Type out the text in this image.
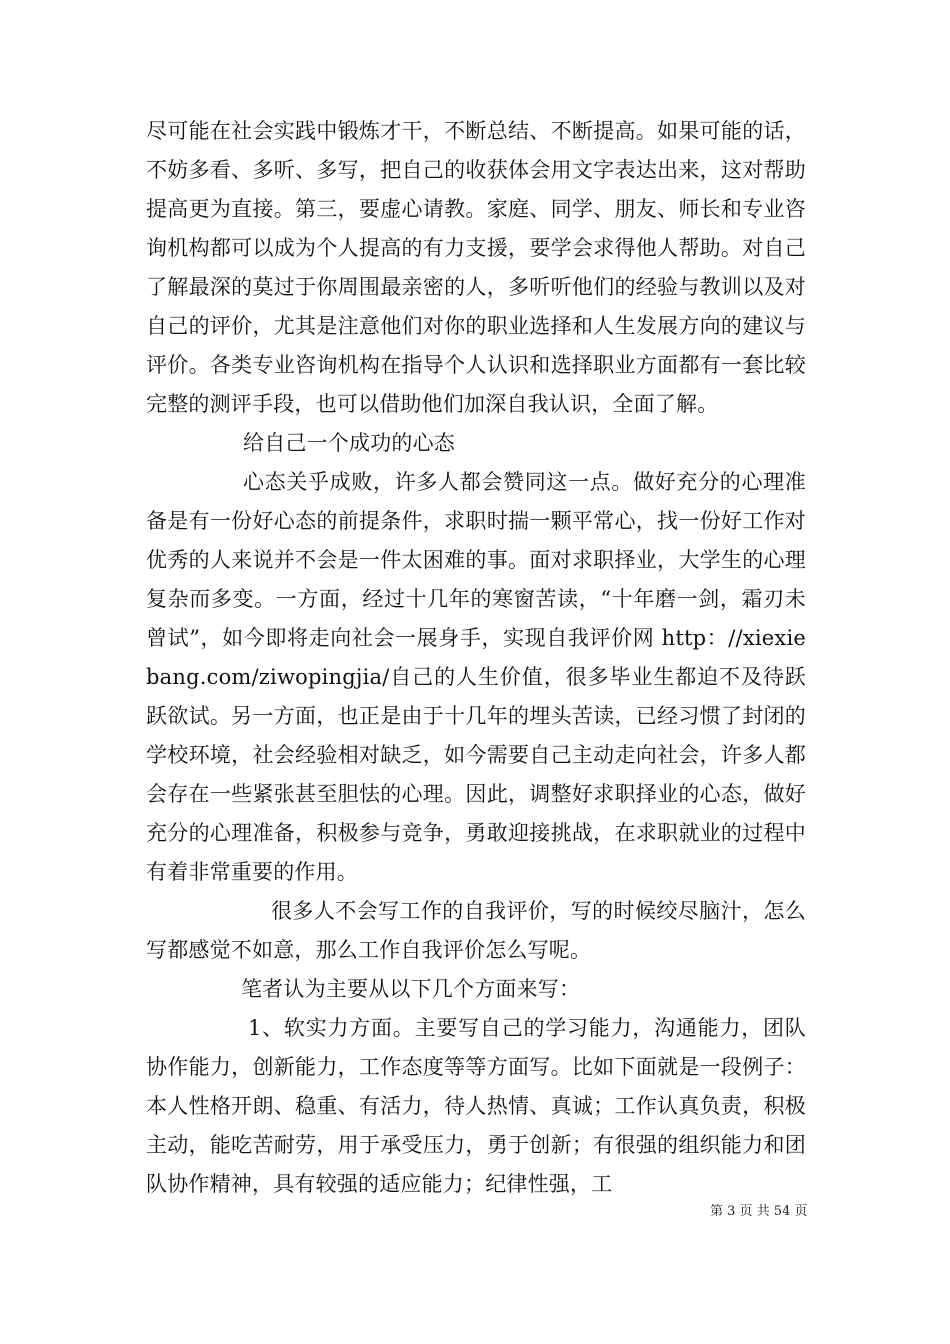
尽可能在社会实践中锻炼才干，不断总结、不断提高。如果可能的话，不妨多看、多听、多写，把自己的收获体会用文字表达出来，这对帮助提高更为直接。第三，要虚心请教。家庭、同学、朋友、师长和专业咨询机构都可以成为个人提高的有力支援，要学会求得他人帮助。对自己了解最深的莫过于你周围最亲密的人，多听听他们的经验与教训以及对自己的评价，尤其是注意他们对你的职业选择和人生发展方向的建议与评价。各类专业咨询机构在指导个人认识和选择职业方面都有一套比较完整的测评手段，也可以借助他们加深自我认识，全面了解。

给自己一个成功的心态

心态关乎成败，许多人都会赞同这一点。做好充分的心理准备是有一份好心态的前提条件，求职时揣一颗平常心，找一份好工作对优秀的人来说并不会是一件太困难的事。面对求职择业，大学生的心理复杂而多变。一方面，经过十几年的寒窗苦读，“十年磨一剑，霜刃未曾试”，如今即将走向社会一展身手，实现自我评价网 http：//xiexiebang.com/ziwopingjia/自己的人生价值，很多毕业生都迫不及待跃跃欲试。另一方面，也正是由于十几年的埋头苦读，已经习惯了封闭的学校环境，社会经验相对缺乏，如今需要自己主动走向社会，许多人都会存在一些紧张甚至胆怯的心理。因此，调整好求职择业的心态，做好充分的心理准备，积极参与竞争，勇敢迎接挑战，在求职就业的过程中有着非常重要的作用。

很多人不会写工作的自我评价，写的时候绞尽脑汁，怎么写都感觉不如意，那么工作自我评价怎么写呢。

笔者认为主要从以下几个方面来写：

1、软实力方面。主要写自己的学习能力，沟通能力，团队协作能力，创新能力，工作态度等等方面写。比如下面就是一段例子：本人性格开朗、稳重、有活力，待人热情、真诚；工作认真负责，积极主动，能吃苦耐劳，用于承受压力，勇于创新；有很强的组织能力和团队协作精神，具有较强的适应能力；纪律性强，工

第 3 页 共 54 页
